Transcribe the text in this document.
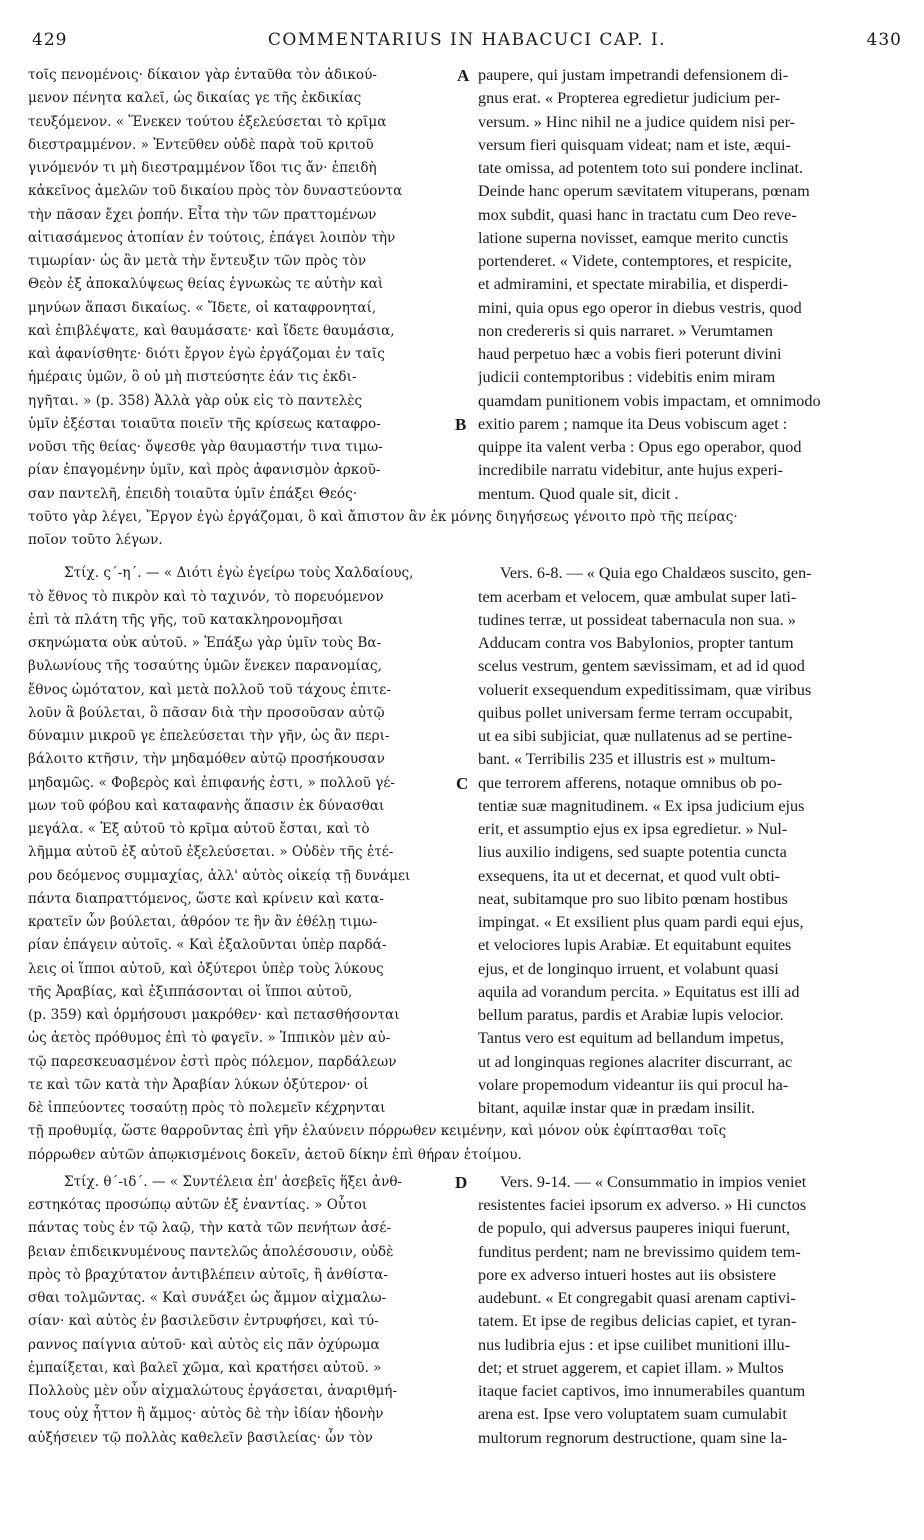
429	COMMENTARIUS IN HABACUCI CAP. I.	430
τοῖς πενομένοις· δίκαιον γὰρ ἐνταῦθα τὸν ἀδικού-
μενον πένητα καλεῖ, ὡς δικαίας γε τῆς ἐκδικίας
τευξόμενον. « Ἕνεκεν τούτου ἐξελεύσεται τὸ κρῖμα
διεστραμμένον. » Ἐντεῦθεν οὐδὲ παρὰ τοῦ κριτοῦ
γινόμενόν τι μὴ διεστραμμένον ἴδοι τις ἄν· ἐπειδὴ
κἀκεῖνος ἀμελῶν τοῦ δικαίου πρὸς τὸν δυναστεύοντα
τὴν πᾶσαν ἔχει ῥοπήν. Εἶτα τὴν τῶν πραττομένων
αἰτιασάμενος ἀτοπίαν ἐν τούτοις, ἐπάγει λοιπὸν τὴν
τιμωρίαν· ὡς ἂν μετὰ τὴν ἔντευξιν τῶν πρὸς τὸν
Θεὸν ἐξ ἀποκαλύψεως θείας ἐγνωκὼς τε αὐτὴν καὶ
μηνύων ἅπασι δικαίως. « Ἴδετε, οἱ καταφρονηταί,
καὶ ἐπιβλέψατε, καὶ θαυμάσατε· καὶ ἴδετε θαυμάσια,
καὶ ἀφανίσθητε· διότι ἔργον ἐγὼ ἐργάζομαι ἐν ταῖς
ἡμέραις ὑμῶν, ὃ οὐ μὴ πιστεύσητε ἐάν τις ἐκδι-
ηγῆται. » (p. 358) Ἀλλὰ γὰρ οὐκ εἰς τὸ παντελὲς
ὑμῖν ἐξέσται τοιαῦτα ποιεῖν τῆς κρίσεως καταφρο-
νοῦσι τῆς θείας· ὄψεσθε γὰρ θαυμαστήν τινα τιμω-
ρίαν ἐπαγομένην ὑμῖν, καὶ πρὸς ἀφανισμὸν ἀρκοῦ-
σαν παντελῆ, ἐπειδὴ τοιαῦτα ὑμῖν ἐπάξει Θεός·
paupere, qui justam impetrandi defensionem di-
gnus erat. « Propterea egredietur judicium per-
versum. » Hinc nihil ne a judice quidem nisi per-
versum fieri quisquam videat; nam et iste, æqui-
tate omissa, ad potentem toto sui pondere inclinat.
Deinde hanc operum sævitatem vituperans, pœnam
mox subdit, quasi hanc in tractatu cum Deo reve-
latione superna novisset, eamque merito cunctis
portenderet. « Videte, contemptores, et respicite,
et admiramini, et spectate mirabilia, et disperdi-
mini, quia opus ego operor in diebus vestris, quod
non credereris si quis narraret. » Verumtamen
haud perpetuo hæc a vobis fieri poterunt divini
judicii contemptoribus : videbitis enim miram
quamdam punitionem vobis impactam, et omnimodo
exitio parem ; namque ita Deus vobiscum aget :
quippe ita valent verba : Opus ego operabor, quod
incredibile narratu videbitur, ante hujus experi-
mentum. Quod quale sit, dicit .
A
B
τοῦτο γὰρ λέγει, Ἔργον ἐγὼ ἐργάζομαι, ὃ καὶ ἄπιστον ἂν ἐκ μόνης διηγήσεως γένοιτο πρὸ τῆς πείρας·
ποῖον τοῦτο λέγων.
Στίχ. ς΄-η΄. — « Διότι ἐγὼ ἐγείρω τοὺς Χαλδαίους,
τὸ ἔθνος τὸ πικρὸν καὶ τὸ ταχινόν, τὸ πορευόμενον
ἐπὶ τὰ πλάτη τῆς γῆς, τοῦ κατακληρονομῆσαι
σκηνώματα οὐκ αὐτοῦ. » Ἐπάξω γὰρ ὑμῖν τοὺς Βα-
βυλωνίους τῆς τοσαύτης ὑμῶν ἕνεκεν παρανομίας,
ἔθνος ὠμότατον, καὶ μετὰ πολλοῦ τοῦ τάχους ἐπιτε-
λοῦν ἃ βούλεται, ὃ πᾶσαν διὰ τὴν προσοῦσαν αὐτῷ
δύναμιν μικροῦ γε ἐπελεύσεται τὴν γῆν, ὡς ἂν περι-
βάλοιτο κτῆσιν, τὴν μηδαμόθεν αὐτῷ προσήκουσαν
μηδαμῶς. « Φοβερὸς καὶ ἐπιφανής ἐστι, » πολλοῦ γέ-
μων τοῦ φόβου καὶ καταφανὴς ἅπασιν ἐκ δύνασθαι
μεγάλα. « Ἐξ αὐτοῦ τὸ κρῖμα αὐτοῦ ἔσται, καὶ τὸ
λῆμμα αὐτοῦ ἐξ αὐτοῦ ἐξελεύσεται. » Οὐδὲν τῆς ἑτέ-
ρου δεόμενος συμμαχίας, ἀλλ' αὐτὸς οἰκείᾳ τῇ δυνάμει
πάντα διαπραττόμενος, ὥστε καὶ κρίνειν καὶ κατα-
κρατεῖν ὧν βούλεται, ἀθρόον τε ἣν ἂν ἐθέλῃ τιμω-
ρίαν ἐπάγειν αὐτοῖς. « Καὶ ἐξαλοῦνται ὑπὲρ παρδά-
λεις οἱ ἵπποι αὐτοῦ, καὶ ὀξύτεροι ὑπὲρ τοὺς λύκους
τῆς Ἀραβίας, καὶ ἐξιππάσονται οἱ ἵπποι αὐτοῦ,
(p. 359) καὶ ὁρμήσουσι μακρόθεν· καὶ πετασθήσονται
ὡς ἀετὸς πρόθυμος ἐπὶ τὸ φαγεῖν. » Ἱππικὸν μὲν αὐ-
τῷ παρεσκευασμένον ἐστὶ πρὸς πόλεμον, παρδάλεων
τε καὶ τῶν κατὰ τὴν Ἀραβίαν λύκων ὀξύτερον· οἱ
δὲ ἱππεύοντες τοσαύτῃ πρὸς τὸ πολεμεῖν κέχρηνται
Vers. 6-8. — « Quia ego Chaldæos suscito, gen-
tem acerbam et velocem, quæ ambulat super lati-
tudines terræ, ut possideat tabernacula non sua. »
Adducam contra vos Babylonios, propter tantum
scelus vestrum, gentem sævissimam, et ad id quod
voluerit exsequendum expeditissimam, quæ viribus
quibus pollet universam ferme terram occupabit,
ut ea sibi subjiciat, quæ nullatenus ad se pertine-
bant. « Terribilis 235 et illustris est » multum-
que terrorem afferens, notaque omnibus ob po-
tentiæ suæ magnitudinem. « Ex ipsa judicium ejus
erit, et assumptio ejus ex ipsa egredietur. » Nul-
lius auxilio indigens, sed suapte potentia cuncta
exsequens, ita ut et decernat, et quod vult obti-
neat, subitamque pro suo libito pœnam hostibus
impingat. « Et exsilient plus quam pardi equi ejus,
et velociores lupis Arabiæ. Et equitabunt equites
ejus, et de longinquo irruent, et volabunt quasi
aquila ad vorandum percita. » Equitatus est illi ad
bellum paratus, pardis et Arabiæ lupis velocior.
Tantus vero est equitum ad bellandum impetus,
ut ad longinquas regiones alacriter discurrant, ac
volare propemodum videantur iis qui procul ha-
bitant, aquilæ instar quæ in prædam insilit.
C
τῇ προθυμίᾳ, ὥστε θαρροῦντας ἐπὶ γῆν ἐλαύνειν πόρρωθεν κειμένην, καὶ μόνον οὐκ ἐφίπτασθαι τοῖς
πόρρωθεν αὐτῶν ἀπῳκισμένοις δοκεῖν, ἀετοῦ δίκην ἐπὶ θήραν ἑτοίμου.
Στίχ. θ΄-ιδ΄. — « Συντέλεια ἐπ' ἀσεβεῖς ἥξει ἀνθ-
εστηκότας προσώπῳ αὐτῶν ἐξ ἐναντίας. » Οὗτοι
πάντας τοὺς ἐν τῷ λαῷ, τὴν κατὰ τῶν πενήτων ἀσέ-
βειαν ἐπιδεικνυμένους παντελῶς ἀπολέσουσιν, οὐδὲ
πρὸς τὸ βραχύτατον ἀντιβλέπειν αὐτοῖς, ἢ ἀνθίστα-
σθαι τολμῶντας. « Καὶ συνάξει ὡς ἄμμον αἰχμαλω-
σίαν· καὶ αὐτὸς ἐν βασιλεῦσιν ἐντρυφήσει, καὶ τύ-
ραννος παίγνια αὐτοῦ· καὶ αὐτὸς εἰς πᾶν ὀχύρωμα
ἐμπαίξεται, καὶ βαλεῖ χῶμα, καὶ κρατήσει αὐτοῦ. »
Πολλοὺς μὲν οὖν αἰχμαλώτους ἐργάσεται, ἀναριθμή-
τους οὐχ ἧττον ἢ ἄμμος· αὐτὸς δὲ τὴν ἰδίαν ἡδονὴν
αὐξήσειεν τῷ πολλὰς καθελεῖν βασιλείας· ὧν τὸν
Vers. 9-14. — « Consummatio in impios veniet
resistentes faciei ipsorum ex adverso. » Hi cunctos
de populo, qui adversus pauperes iniqui fuerunt,
funditus perdent; nam ne brevissimo quidem tem-
pore ex adverso intueri hostes aut iis obsistere
audebunt. « Et congregabit quasi arenam captivi-
tatem. Et ipse de regibus delicias capiet, et tyran-
nus ludibria ejus : et ipse cuilibet munitioni illu-
det; et struet aggerem, et capiet illam. » Multos
itaque faciet captivos, imo innumerabiles quantum
arena est. Ipse vero voluptatem suam cumulabit
multorum regnorum destructione, quam sine la-
D
